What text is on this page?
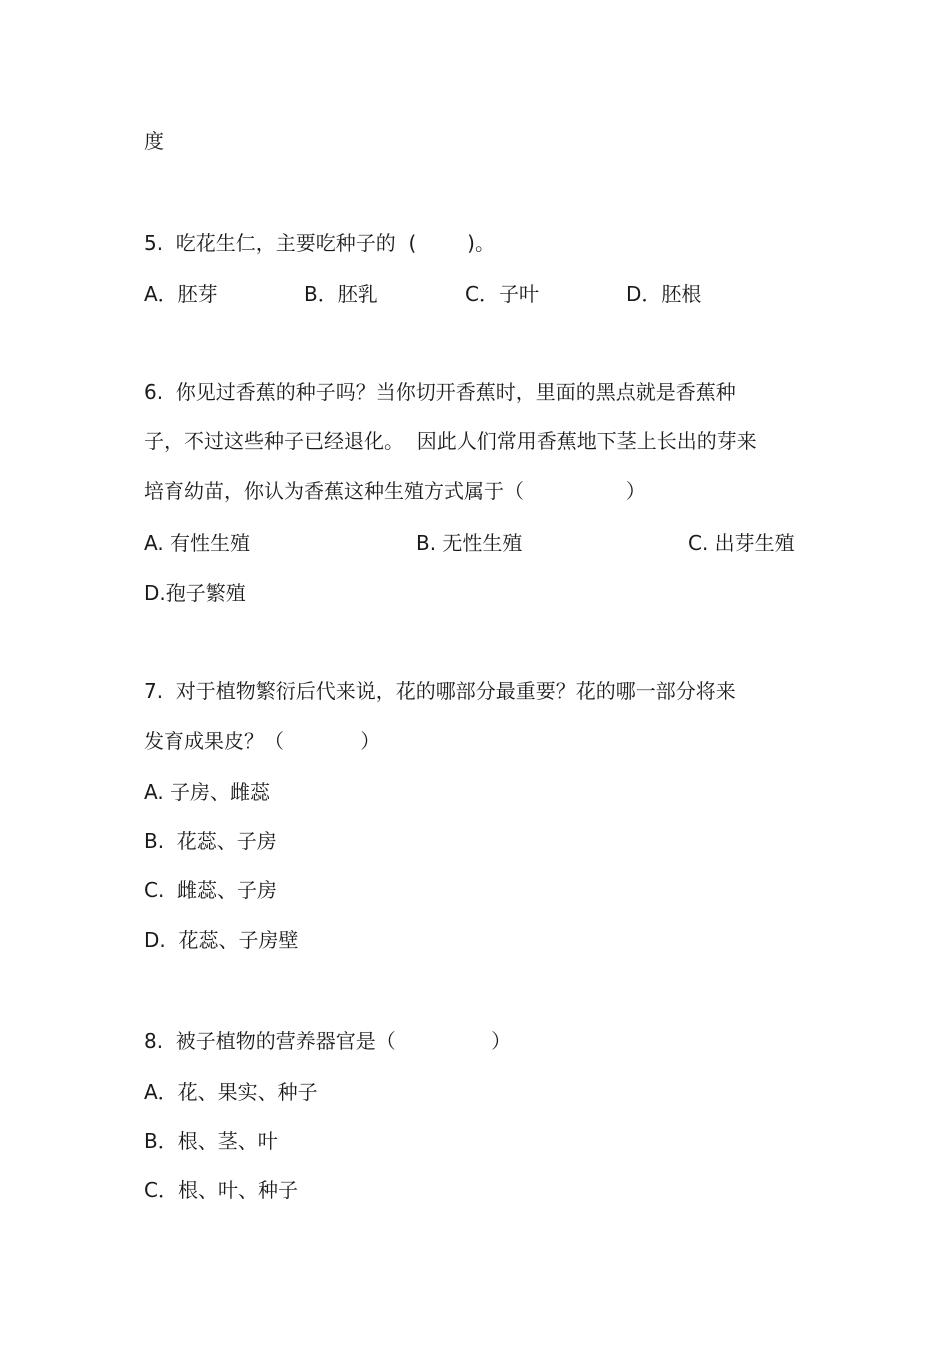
度
5.  吃花生仁，主要吃种子的  (        )。
A．胚芽	B．胚乳	C．子叶	D．胚根
6.  你见过香蕉的种子吗？当你切开香蕉时，里面的黑点就是香蕉种
子，不过这些种子已经退化。  因此人们常用香蕉地下茎上长出的芽来
培育幼苗，你认为香蕉这种生殖方式属于（                ）
A. 有性生殖	B. 无性生殖	C. 出芽生殖
D.孢子繁殖
7.  对于植物繁衍后代来说，花的哪部分最重要？花的哪一部分将来
发育成果皮？（            ）
A. 子房、雌蕊
B.  花蕊、子房
C.  雌蕊、子房
D.  花蕊、子房壁
8.  被子植物的营养器官是（               ）
A．花、果实、种子
B．根、茎、叶
C．根、叶、种子
